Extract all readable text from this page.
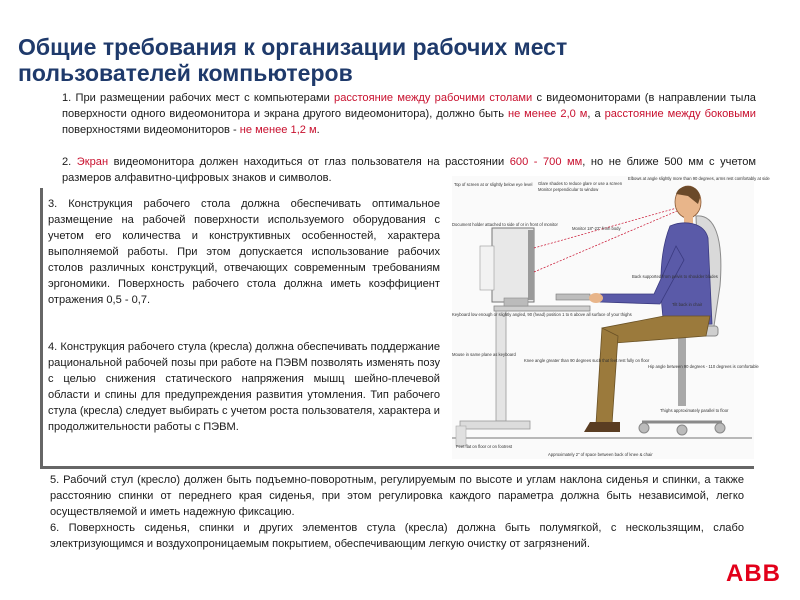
Общие требования к организации рабочих мест пользователей компьютеров

1. При размещении рабочих мест с компьютерами расстояние между рабочими столами с видеомониторами (в направлении тыла поверхности одного видеомонитора и экрана другого видеомонитора), должно быть не менее 2,0 м, а расстояние между боковыми поверхностями видеомониторов - не менее 1,2 м.

2. Экран видеомонитора должен находиться от глаз пользователя на расстоянии 600 - 700 мм, но не ближе 500 мм с учетом размеров алфавитно-цифровых знаков и символов.

3. Конструкция рабочего стола должна обеспечивать оптимальное размещение на рабочей поверхности используемого оборудования с учетом его количества и конструктивных особенностей, характера выполняемой работы. При этом допускается использование рабочих столов различных конструкций, отвечающих современным требованиям эргономики. Поверхность рабочего стола должна иметь коэффициент отражения 0,5 - 0,7.

4. Конструкция рабочего стула (кресла) должна обеспечивать поддержание рациональной рабочей позы при работе на ПЭВМ позволять изменять позу с целью снижения статического напряжения мышц шейно-плечевой области и спины для предупреждения развития утомления. Тип рабочего стула (кресла) следует выбирать с учетом роста пользователя, характера и продолжительности работы с ПЭВМ.

Glare shades to reduce glare or use a screen
Monitor perpendicular to window
Top of screen at or slightly below eye level
Elbows at angle slightly more than 90 degrees, arms rest comfortably at side
Monitor 18"-22" from body
Document holder attached to side of or in front of monitor
Keyboard low enough or slightly angled, 90 (head) position 1 to 6 above all surface of your thighs
Mouse in same plane as keyboard
Back supported from pelvis to shoulder blades
Tilt back in chair
Knee angle greater than 90 degrees such that feet rest fully on floor
Hip angle between 90 degrees - 110 degrees is comfortable
Thighs approximately parallel to floor
Feet flat on floor or on footrest
Approximately 2" of space between back of knee & chair
5. Рабочий стул (кресло) должен быть подъемно-поворотным, регулируемым по высоте и углам наклона сиденья и спинки, а также расстоянию спинки от переднего края сиденья, при этом регулировка каждого параметра должна быть независимой, легко осуществляемой и иметь надежную фиксацию.
6. Поверхность сиденья, спинки и других элементов стула (кресла) должна быть полумягкой, с нескользящим, слабо электризующимся и воздухопроницаемым покрытием, обеспечивающим легкую очистку от загрязнений.
ABB
